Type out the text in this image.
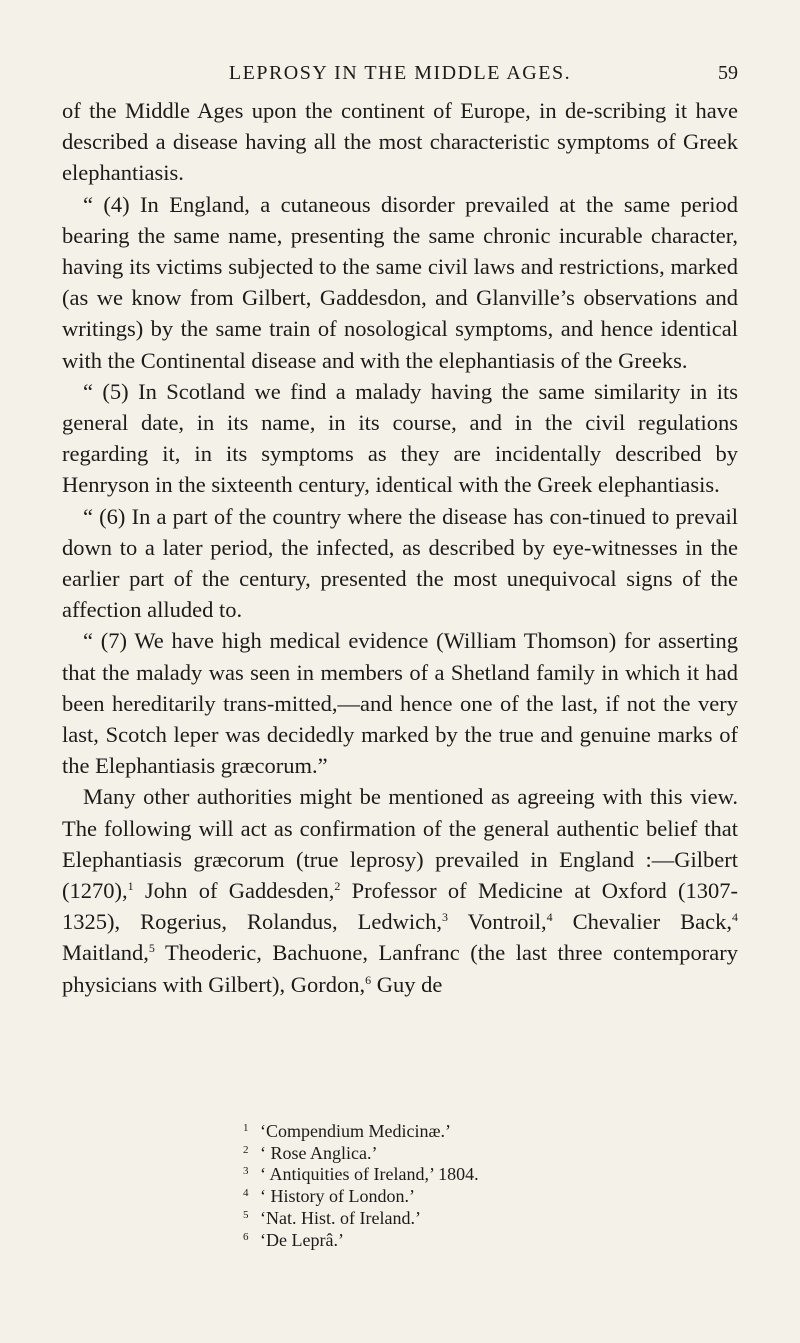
LEPROSY IN THE MIDDLE AGES.	59

of the Middle Ages upon the continent of Europe, in de-scribing it have described a disease having all the most characteristic symptoms of Greek elephantiasis.

“ (4) In England, a cutaneous disorder prevailed at the same period bearing the same name, presenting the same chronic incurable character, having its victims subjected to the same civil laws and restrictions, marked (as we know from Gilbert, Gaddesdon, and Glanville’s observations and writings) by the same train of nosological symptoms, and hence identical with the Continental disease and with the elephantiasis of the Greeks.

“ (5) In Scotland we find a malady having the same similarity in its general date, in its name, in its course, and in the civil regulations regarding it, in its symptoms as they are incidentally described by Henryson in the sixteenth century, identical with the Greek elephantiasis.

“ (6) In a part of the country where the disease has con-tinued to prevail down to a later period, the infected, as described by eye-witnesses in the earlier part of the century, presented the most unequivocal signs of the affection alluded to.

“ (7) We have high medical evidence (William Thomson) for asserting that the malady was seen in members of a Shetland family in which it had been hereditarily trans-mitted,—and hence one of the last, if not the very last, Scotch leper was decidedly marked by the true and genuine marks of the Elephantiasis græcorum.”

Many other authorities might be mentioned as agreeing with this view. The following will act as confirmation of the general authentic belief that Elephantiasis græcorum (true leprosy) prevailed in England :—Gilbert (1270),$^1$ John of Gaddesden,$^2$ Professor of Medicine at Oxford (1307-1325), Rogerius, Rolandus, Ledwich,$^3$ Vontroil,$^4$ Chevalier Back,$^4$ Maitland,$^5$ Theoderic, Bachuone, Lanfranc (the last three contemporary physicians with Gilbert), Gordon,$^6$ Guy de

1 ‘Compendium Medicinæ.’
2 ‘ Rose Anglica.’
3 ‘ Antiquities of Ireland,’ 1804.
4 ‘ History of London.’
5 ‘Nat. Hist. of Ireland.’
6 ‘De Leprâ.’
